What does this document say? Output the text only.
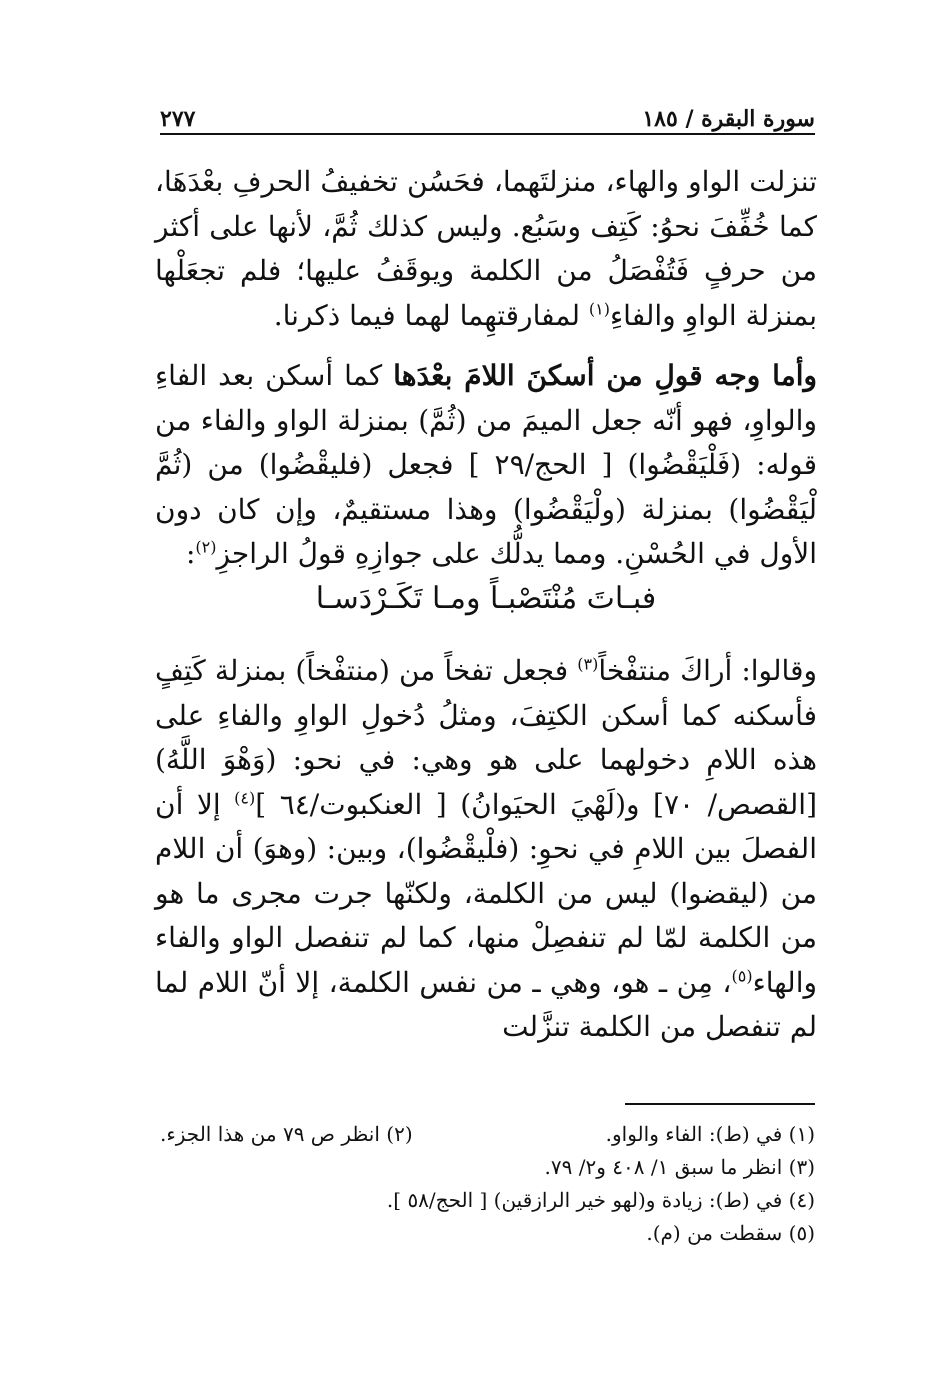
سورة البقرة / ١٨٥
٢٧٧

تنزلت الواو والهاء، منزلتَهما، فحَسُن تخفيفُ الحرفِ بعْدَهَا، كما خُفِّفَ نحوُ: كَتِف وسَبُع. وليس كذلك ثُمَّ، لأنها على أكثر من حرفٍ فَتُفْصَلُ من الكلمة ويوقَفُ عليها؛ فلم تجعَلْها بمنزلة الواوِ والفاءِ$^{(١)}$ لمفارقتهِما لهما فيما ذكرنا.

وأما وجه قولِ من أسكنَ اللامَ بعْدَها كما أسكن بعد الفاءِ والواوِ، فهو أنّه جعل الميمَ من (ثُمَّ) بمنزلة الواو والفاء من قوله: (فَلْيَقْضُوا) [ الحج/٢٩ ] فجعل (فليقْضُوا) من (ثُمَّ لْيَقْضُوا) بمنزلة (ولْيَقْضُوا) وهذا مستقيمٌ، وإن كان دون الأول في الحُسْنِ. ومما يدلُّك على جوازِهِ قولُ الراجزِ$^{(٢)}$:

فبـاتَ مُنْتَصْبـاً ومـا تَكَـرْدَسـا

وقالوا: أراكَ منتفْخاً$^{(٣)}$ فجعل تفخاً من (منتفْخاً) بمنزلة كَتِفٍ فأسكنه كما أسكن الكتِفَ، ومثلُ دُخولِ الواوِ والفاءِ على هذه اللامِ دخولهما على هو وهي: في نحو: (وَهْوَ اللَّهُ) [القصص/ ٧٠] و(لَهْيَ الحيَوانُ) [ العنكبوت/٦٤ ]$^{(٤)}$ إلا أن الفصلَ بين اللامِ في نحوِ: (فلْيقْضُوا)، وبين: (وهوَ) أن اللام من (ليقضوا) ليس من الكلمة، ولكنّها جرت مجرى ما هو من الكلمة لمّا لم تنفصِلْ منها، كما لم تنفصل الواو والفاء والهاء$^{(٥)}$، مِن ـ هو، وهي ـ من نفس الكلمة، إلا أنّ اللام لما لم تنفصل من الكلمة تنزَّلت

(١) في (ط): الفاء والواو.
(٢) انظر ص ٧٩ من هذا الجزء.
(٣) انظر ما سبق ١/ ٤٠٨ و٢/ ٧٩.
(٤) في (ط): زيادة و(لهو خير الرازقين) [ الحج/٥٨ ].
(٥) سقطت من (م).
